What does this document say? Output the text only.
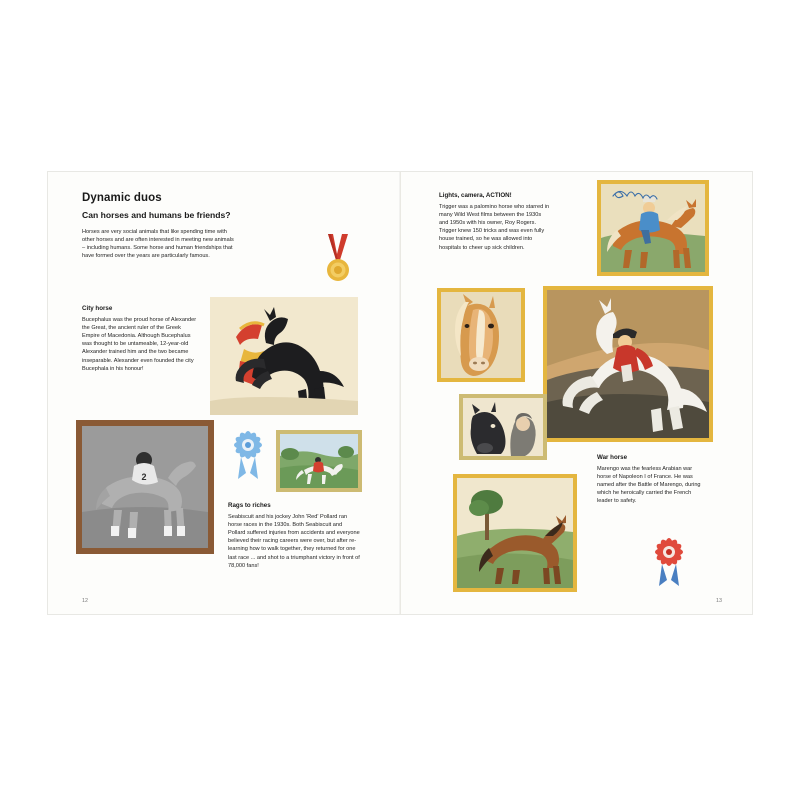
Dynamic duos
Can horses and humans be friends?
Horses are very social animals that like spending time with other horses and are often interested in meeting new animals – including humans. Some horse and human friendships that have formed over the years are particularly famous.
City horse
Bucephalus was the proud horse of Alexander the Great, the ancient ruler of the Greek Empire of Macedonia. Although Bucephalus was thought to be untameable, 12-year-old Alexander trained him and the two became inseparable. Alexander even founded the city Bucephala in his honour!
2
Rags to riches
Seabiscuit and his jockey John 'Red' Pollard ran horse races in the 1930s. Both Seabiscuit and Pollard suffered injuries from accidents and everyone believed their racing careers were over, but after re-learning how to walk together, they returned for one last race ... and shot to a triumphant victory in front of 78,000 fans!
12
Lights, camera, ACTION!
Trigger was a palomino horse who starred in many Wild West films between the 1930s and 1950s with his owner, Roy Rogers. Trigger knew 150 tricks and was even fully house trained, so he was allowed into hospitals to cheer up sick children.
War horse
Marengo was the fearless Arabian war horse of Napoleon I of France. He was named after the Battle of Marengo, during which he heroically carried the French leader to safety.
13
